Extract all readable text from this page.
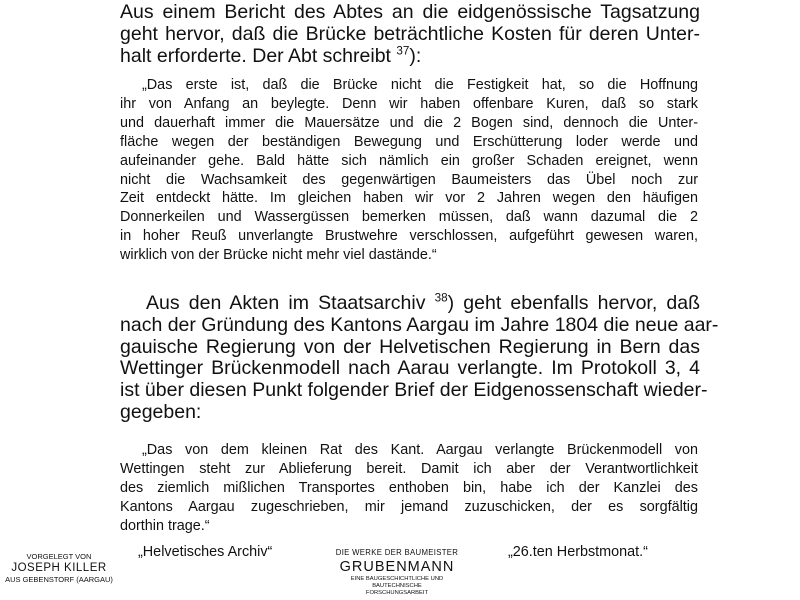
Aus einem Bericht des Abtes an die eidgenössische Tagsatzung
geht hervor, daß die Brücke beträchtliche Kosten für deren Unter-
halt erforderte. Der Abt schreibt $^{37}$):
„Das erste ist, daß die Brücke nicht die Festigkeit hat, so die Hoffnung
ihr von Anfang an beylegte. Denn wir haben offenbare Kuren, daß so stark
und dauerhaft immer die Mauersätze und die 2 Bogen sind, dennoch die Unter-
fläche wegen der beständigen Bewegung und Erschütterung loder werde und
aufeinander gehe. Bald hätte sich nämlich ein großer Schaden ereignet, wenn
nicht die Wachsamkeit des gegenwärtigen Baumeisters das Übel noch zur
Zeit entdeckt hätte. Im gleichen haben wir vor 2 Jahren wegen den häufigen
Donnerkeilen und Wassergüssen bemerken müssen, daß wann dazumal die 2
in hoher Reuß unverlangte Brustwehre verschlossen, aufgeführt gewesen waren,
wirklich von der Brücke nicht mehr viel dastände.“
Aus den Akten im Staatsarchiv $^{38}$) geht ebenfalls hervor, daß
nach der Gründung des Kantons Aargau im Jahre 1804 die neue aar-
gauische Regierung von der Helvetischen Regierung in Bern das
Wettinger Brückenmodell nach Aarau verlangte. Im Protokoll 3, 4
ist über diesen Punkt folgender Brief der Eidgenossenschaft wieder-
gegeben:
„Das von dem kleinen Rat des Kant. Aargau verlangte Brückenmodell von
Wettingen steht zur Ablieferung bereit. Damit ich aber der Verantwortlichkeit
des ziemlich mißlichen Transportes enthoben bin, habe ich der Kanzlei des
Kantons Aargau zugeschrieben, mir jemand zuzuschicken, der es sorgfältig
dorthin trage.“
„Helvetisches Archiv“	„26.ten Herbstmonat.“
VORGELEGT VON
JOSEPH KILLER
AUS GEBENSTORF (AARGAU)
DIE WERKE DER BAUMEISTER
GRUBENMANN
EINE BAUGESCHICHTLICHE UND BAUTECHNISCHE
FORSCHUNGSARBEIT
